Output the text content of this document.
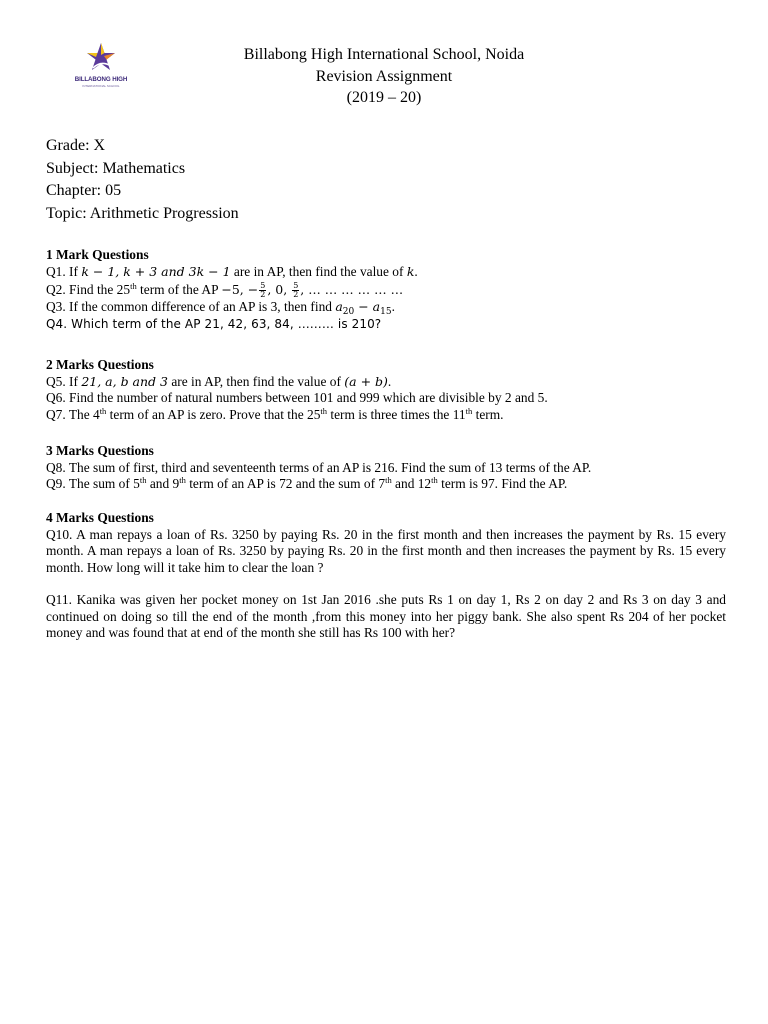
BILLABONG HIGH
INTERNATIONAL SCHOOL
Billabong High International School, Noida
Revision Assignment
(2019 – 20)
Grade: X
Subject: Mathematics
Chapter: 05
Topic: Arithmetic Progression
1 Mark Questions
Q1. If k − 1, k + 3 and 3k − 1 are in AP, then find the value of k.
Q2. Find the 25th term of the AP −5, − $\frac{5}{2}$ , 0, $\frac{5}{2}$ , … … … … … …
Q3. If the common difference of an AP is 3, then find $a_{20} - a_{15}$.
Q4. Which term of the AP 21, 42, 63, 84, ……… is 210?
2 Marks Questions
Q5. If 21, a, b and 3 are in AP, then find the value of (a + b).
Q6. Find the number of natural numbers between 101 and 999 which are divisible by 2 and 5.
Q7. The 4th term of an AP is zero. Prove that the 25th term is three times the 11th term.
3 Marks Questions
Q8. The sum of first, third and seventeenth terms of an AP is 216. Find the sum of 13 terms of the AP.
Q9. The sum of 5th and 9th term of an AP is 72 and the sum of 7th and 12th term is 97. Find the AP.
4 Marks Questions
Q10. A man repays a loan of Rs. 3250 by paying Rs. 20 in the first month and then increases the payment by Rs. 15 every month. A man repays a loan of Rs. 3250 by paying Rs. 20 in the first month and then increases the payment by Rs. 15 every month. How long will it take him to clear the loan ?
Q11. Kanika was given her pocket money on 1st Jan 2016 .she puts Rs 1 on day 1, Rs 2 on day 2 and Rs 3 on day 3 and continued on doing so till the end of the month ,from this money into her piggy bank. She also spent Rs 204 of her pocket money and was found that at end of the month she still has Rs 100 with her?
